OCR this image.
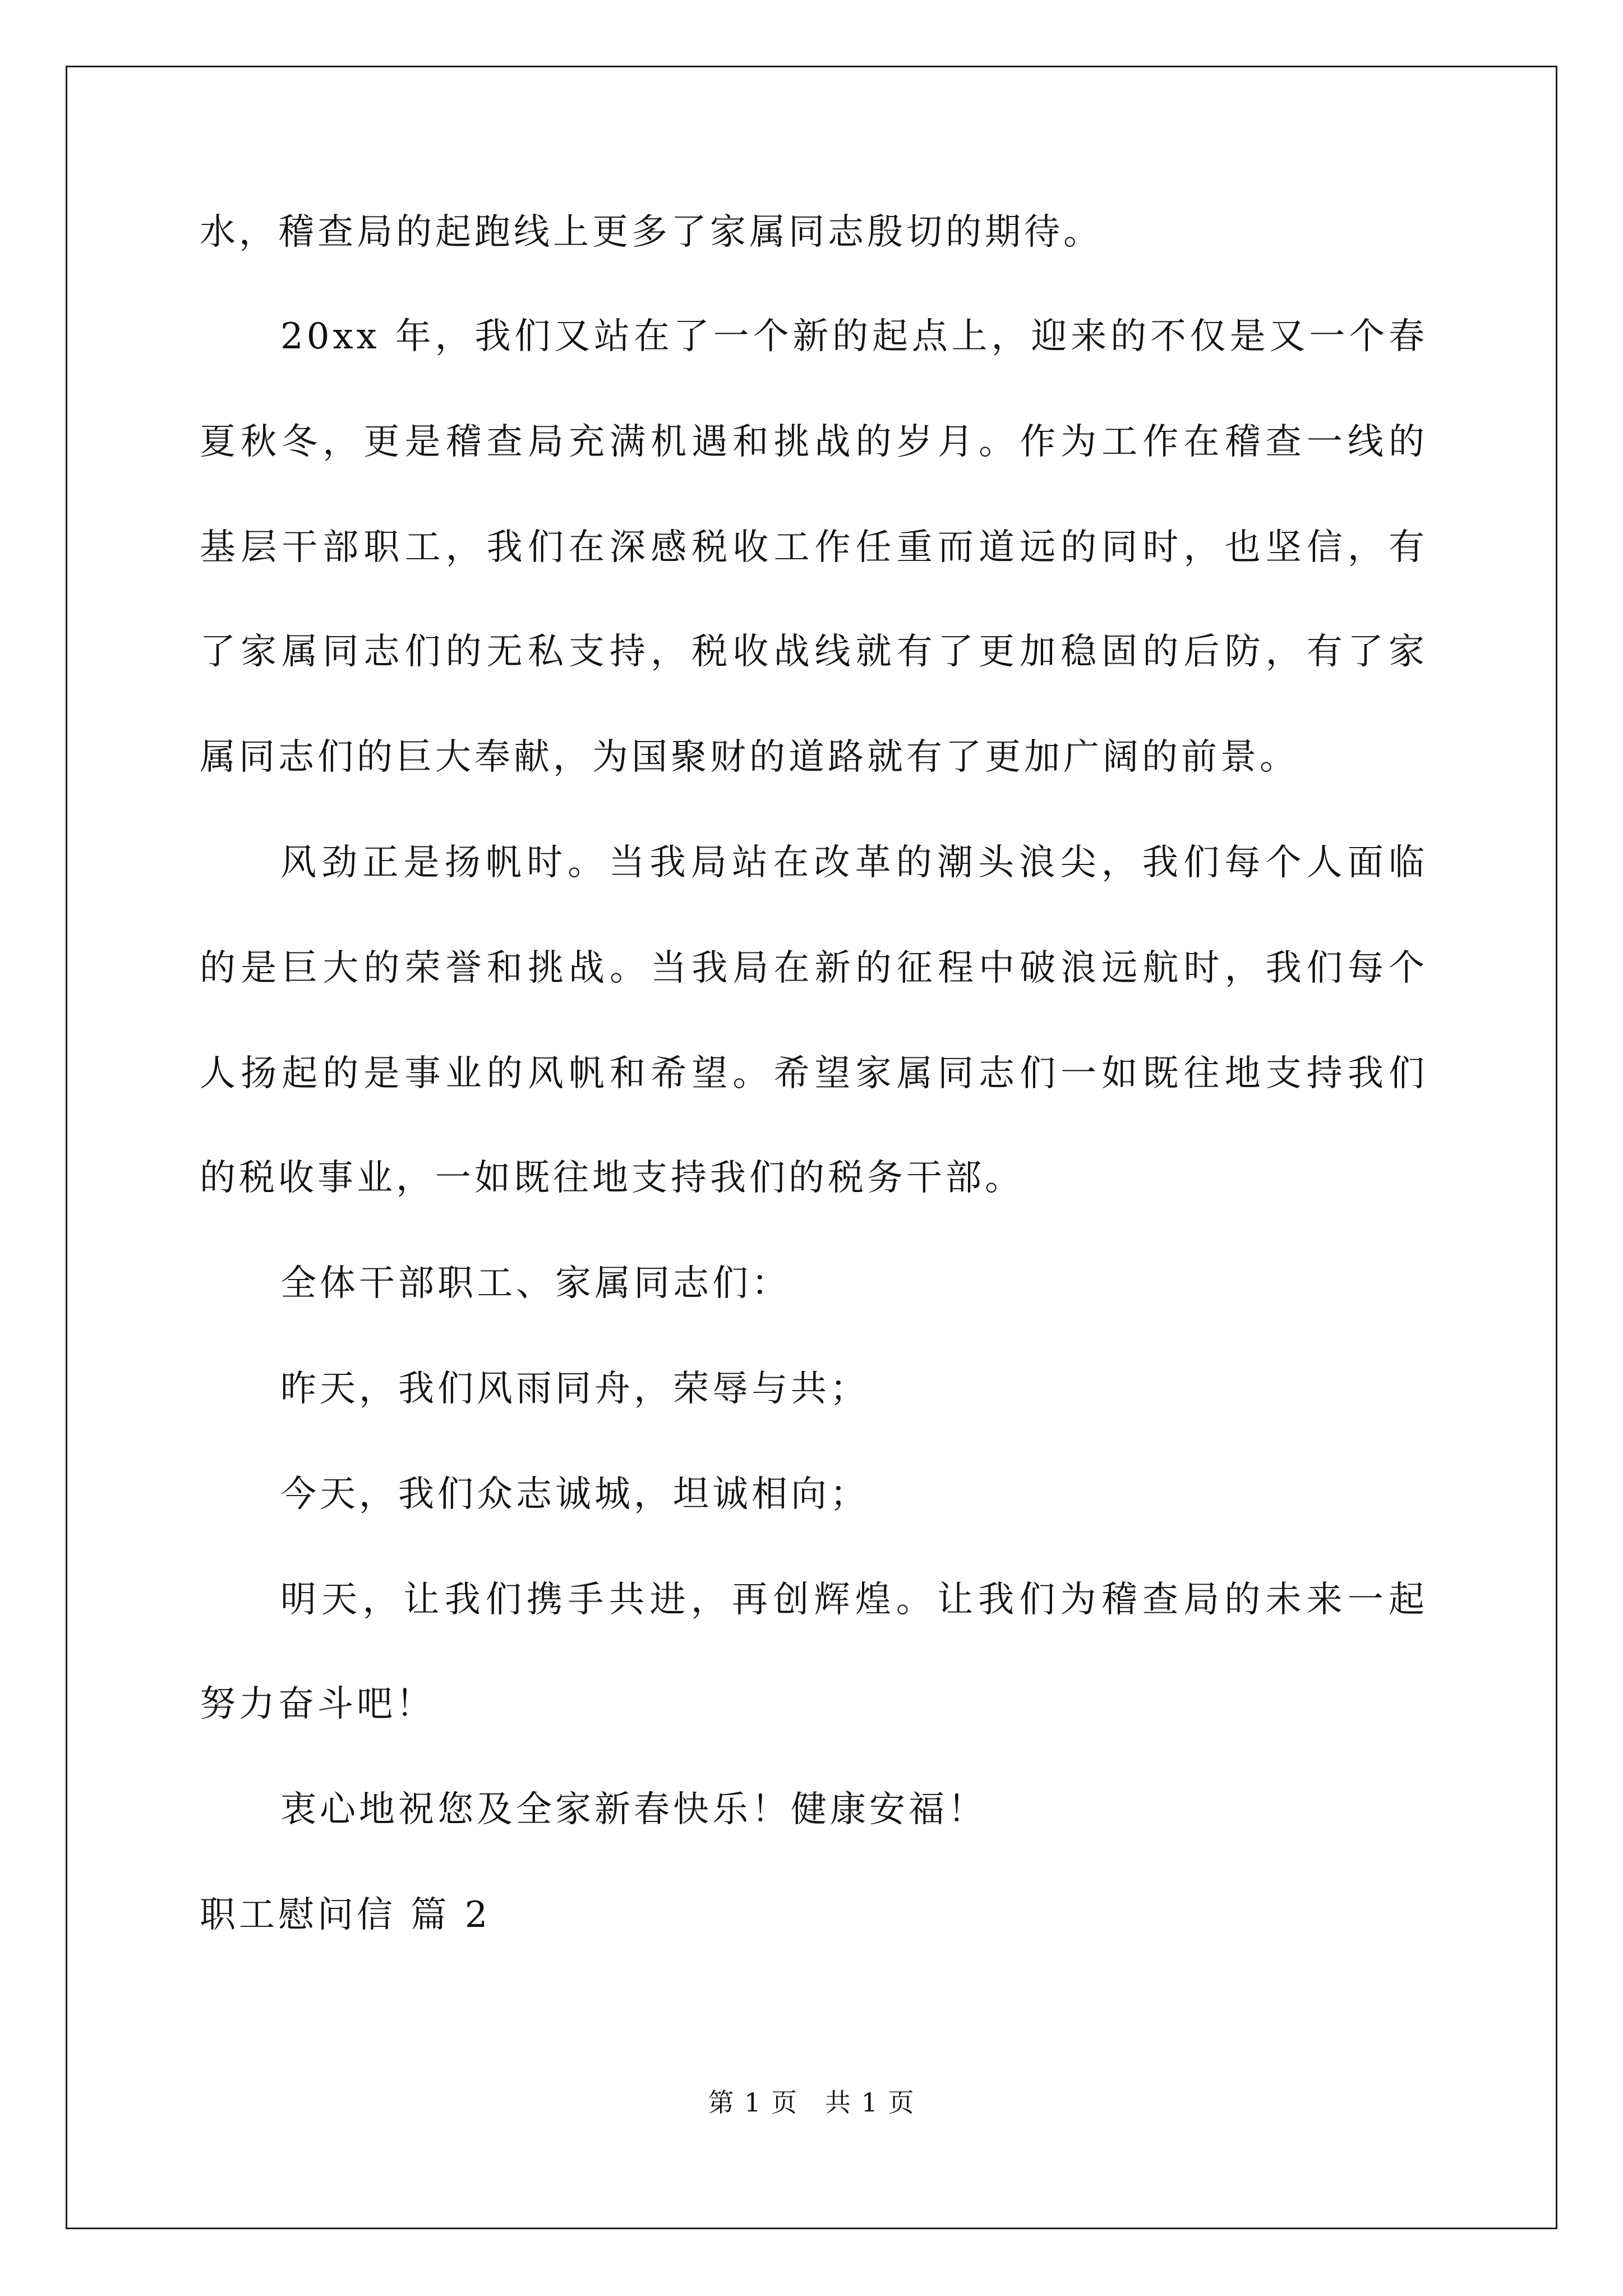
水，稽查局的起跑线上更多了家属同志殷切的期待。
20xx 年，我们又站在了一个新的起点上，迎来的不仅是又一个春
夏秋冬，更是稽查局充满机遇和挑战的岁月。作为工作在稽查一线的
基层干部职工，我们在深感税收工作任重而道远的同时，也坚信，有
了家属同志们的无私支持，税收战线就有了更加稳固的后防，有了家
属同志们的巨大奉献，为国聚财的道路就有了更加广阔的前景。
风劲正是扬帆时。当我局站在改革的潮头浪尖，我们每个人面临
的是巨大的荣誉和挑战。当我局在新的征程中破浪远航时，我们每个
人扬起的是事业的风帆和希望。希望家属同志们一如既往地支持我们
的税收事业，一如既往地支持我们的税务干部。
全体干部职工、家属同志们：
昨天，我们风雨同舟，荣辱与共；
今天，我们众志诚城，坦诚相向；
明天，让我们携手共进，再创辉煌。让我们为稽查局的未来一起
努力奋斗吧！
衷心地祝您及全家新春快乐！健康安福！
职工慰问信 篇 2
第 1 页　共 1 页
